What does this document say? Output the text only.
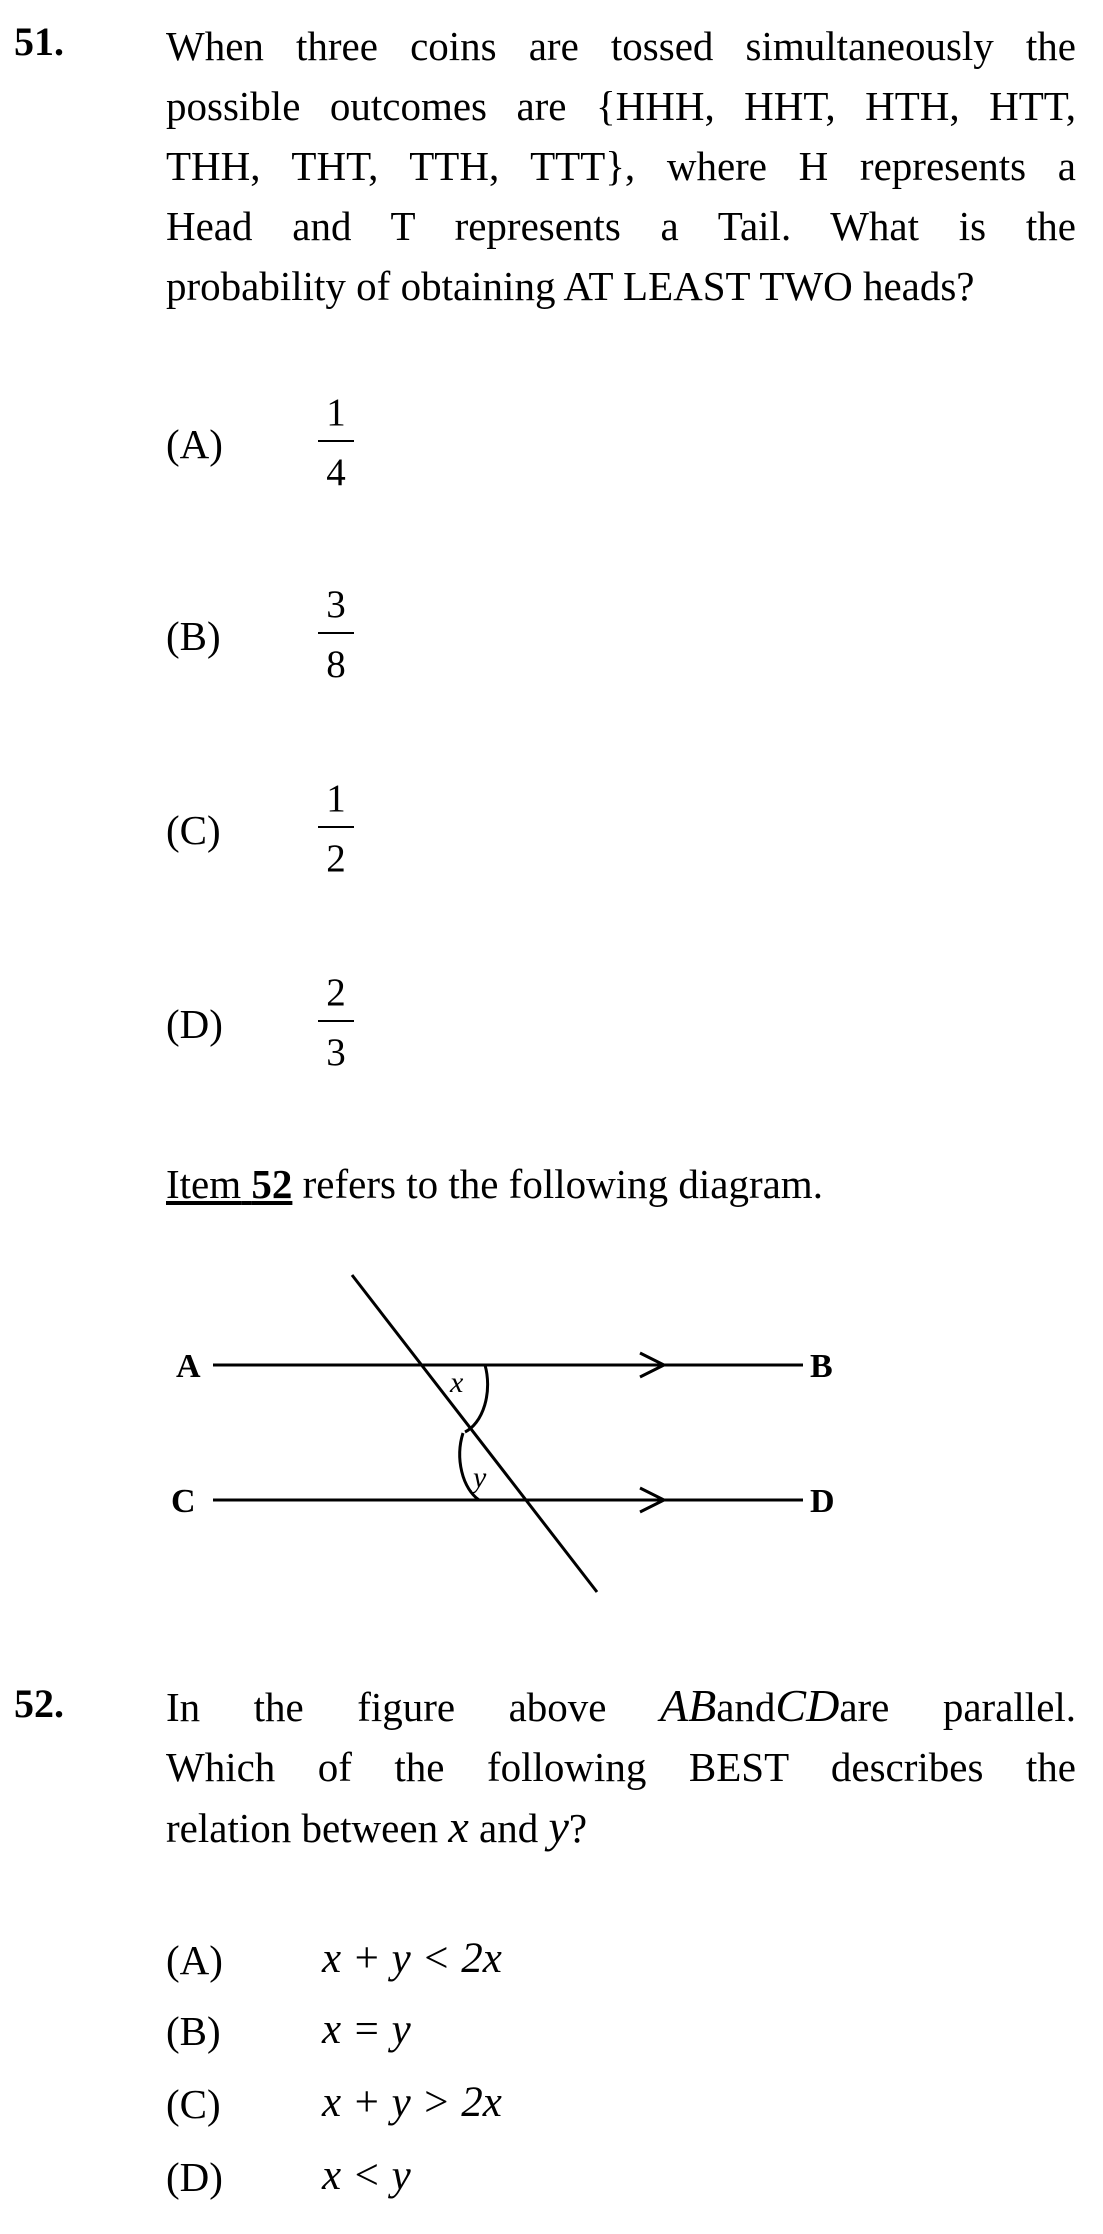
51. When three coins are tossed simultaneously the
possible outcomes are {HHH, HHT, HTH, HTT,
THH, THT, TTH, TTT}, where H represents a
Head and T represents a Tail. What is the
probability of obtaining AT LEAST TWO heads?
(A)
1
4
(B)
3
8
(C)
1
2
(D)
2
3
Item 52 refers to the following diagram.
A	B
C	D
x
y
52. In the figure above ABandCDare parallel.
Which of the following BEST describes the
relation between x and y?
(A) x + y < 2x
(B) x = y
(C) x + y > 2x
(D) x < y
